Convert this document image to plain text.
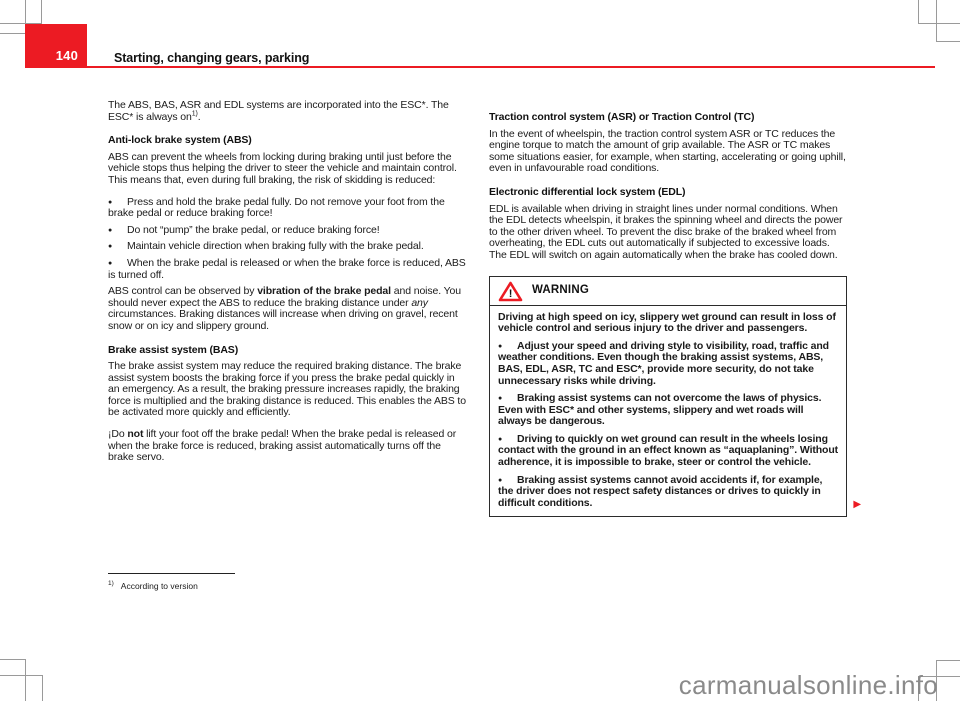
140	Starting, changing gears, parking
The ABS, BAS, ASR and EDL systems are incorporated into the ESC*. The ESC* is always $on^{1)}$.
Anti-lock brake system (ABS)
ABS can prevent the wheels from locking during braking until just before the vehicle stops thus helping the driver to steer the vehicle and maintain control. This means that, even during full braking, the risk of skidding is reduced:
● Press and hold the brake pedal fully. Do not remove your foot from the brake pedal or reduce braking force!
● Do not “pump” the brake pedal, or reduce braking force!
● Maintain vehicle direction when braking fully with the brake pedal.
● When the brake pedal is released or when the brake force is reduced, ABS is turned off.
ABS control can be observed by vibration of the brake pedal and noise. You should never expect the ABS to reduce the braking distance under any circumstances. Braking distances will increase when driving on gravel, recent snow or on icy and slippery ground.
Brake assist system (BAS)
The brake assist system may reduce the required braking distance. The brake assist system boosts the braking force if you press the brake pedal quickly in an emergency. As a result, the braking pressure increases rapidly, the braking force is multiplied and the braking distance is reduced. This enables the ABS to be activated more quickly and efficiently.
¡Do not lift your foot off the brake pedal! When the brake pedal is released or when the brake force is reduced, braking assist automatically turns off the brake servo.
Traction control system (ASR) or Traction Control (TC)
In the event of wheelspin, the traction control system ASR or TC reduces the engine torque to match the amount of grip available. The ASR or TC makes some situations easier, for example, when starting, accelerating or going uphill, even in unfavourable road conditions.
Electronic differential lock system (EDL)
EDL is available when driving in straight lines under normal conditions. When the EDL detects wheelspin, it brakes the spinning wheel and directs the power to the other driven wheel. To prevent the disc brake of the braked wheel from overheating, the EDL cuts out automatically if subjected to excessive loads. The EDL will switch on again automatically when the brake has cooled down.
! WARNING
Driving at high speed on icy, slippery wet ground can result in loss of vehicle control and serious injury to the driver and passengers.
● Adjust your speed and driving style to visibility, road, traffic and weather conditions. Even though the braking assist systems, ABS, BAS, EDL, ASR, TC and ESC*, provide more security, do not take unnecessary risks while driving.
● Braking assist systems can not overcome the laws of physics. Even with ESC* and other systems, slippery and wet roads will always be dangerous.
● Driving to quickly on wet ground can result in the wheels losing contact with the ground in an effect known as “aquaplaning”. Without adherence, it is impossible to brake, steer or control the vehicle.
● Braking assist systems cannot avoid accidents if, for example, the driver does not respect safety distances or drives to quickly in difficult conditions.	▶
$^{1)}$ According to version
carmanualsonline.info
